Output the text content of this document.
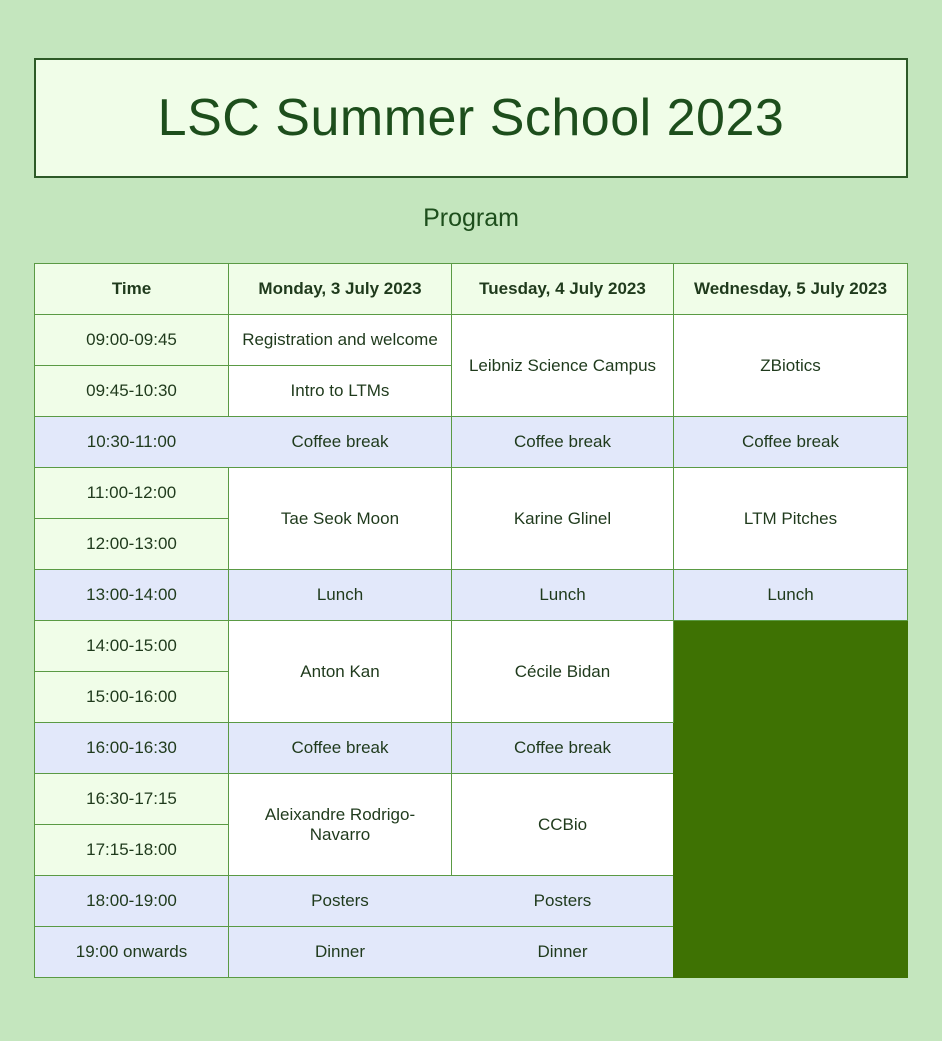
LSC Summer School 2023
Program
Time	Monday, 3 July 2023	Tuesday, 4 July 2023	Wednesday, 5 July 2023
09:00-09:45	Registration and welcome	Leibniz Science Campus	ZBiotics
09:45-10:30	Intro to LTMs		
10:30-11:00	Coffee break	Coffee break	Coffee break
11:00-12:00	Tae Seok Moon	Karine Glinel	LTM Pitches
12:00-13:00			
13:00-14:00	Lunch	Lunch	Lunch
14:00-15:00	Anton Kan	Cécile Bidan	
15:00-16:00			
16:00-16:30	Coffee break	Coffee break	
16:30-17:15	Aleixandre Rodrigo-Navarro	CCBio	
17:15-18:00			
18:00-19:00	Posters	Posters	
19:00 onwards	Dinner	Dinner	
